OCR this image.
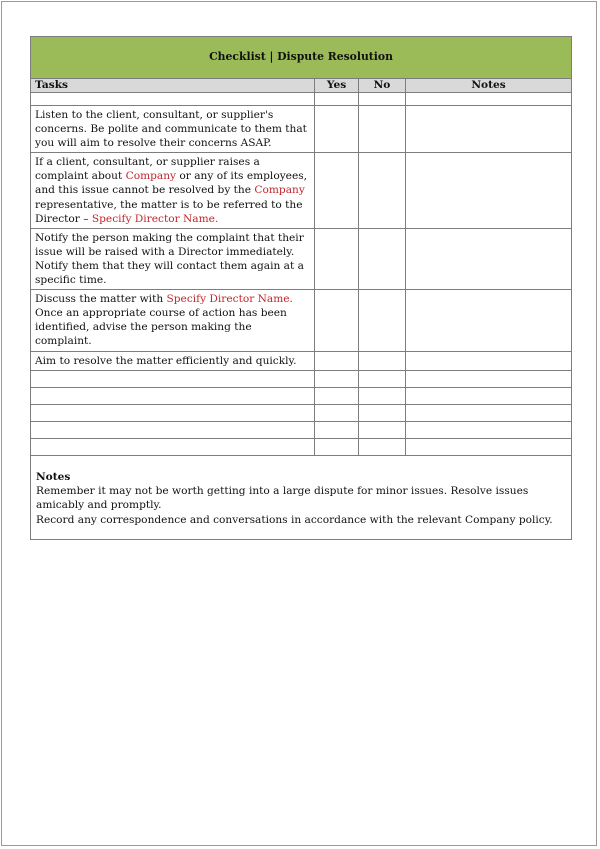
Checklist | Dispute Resolution			
Tasks	Yes	No	Notes

Listen to the client, consultant, or supplier's concerns. Be polite and communicate to them that you will aim to resolve their concerns ASAP.			
If a client, consultant, or supplier raises a complaint about Company or any of its employees, and this issue cannot be resolved by the Company representative, the matter is to be referred to the Director – Specify Director Name.			
Notify the person making the complaint that their issue will be raised with a Director immediately. Notify them that they will contact them again at a specific time.			
Discuss the matter with Specify Director Name. Once an appropriate course of action has been identified, advise the person making the complaint.			
Aim to resolve the matter efficiently and quickly.			

Notes
Remember it may not be worth getting into a large dispute for minor issues. Resolve issues amicably and promptly.
Record any correspondence and conversations in accordance with the relevant Company policy.			
